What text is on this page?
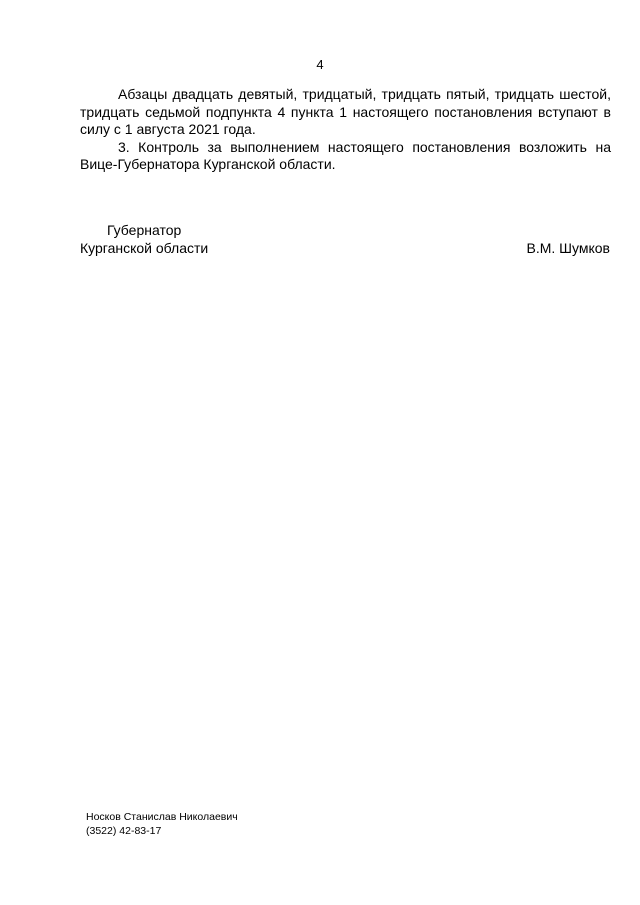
4

Абзацы двадцать девятый, тридцатый, тридцать пятый, тридцать шестой, тридцать седьмой подпункта 4 пункта 1 настоящего постановления вступают в силу с 1 августа 2021 года.

3. Контроль за выполнением настоящего постановления возложить на Вице-Губернатора Курганской области.

Губернатор
Курганской области	В.М. Шумков
Носков Станислав Николаевич
(3522) 42-83-17
